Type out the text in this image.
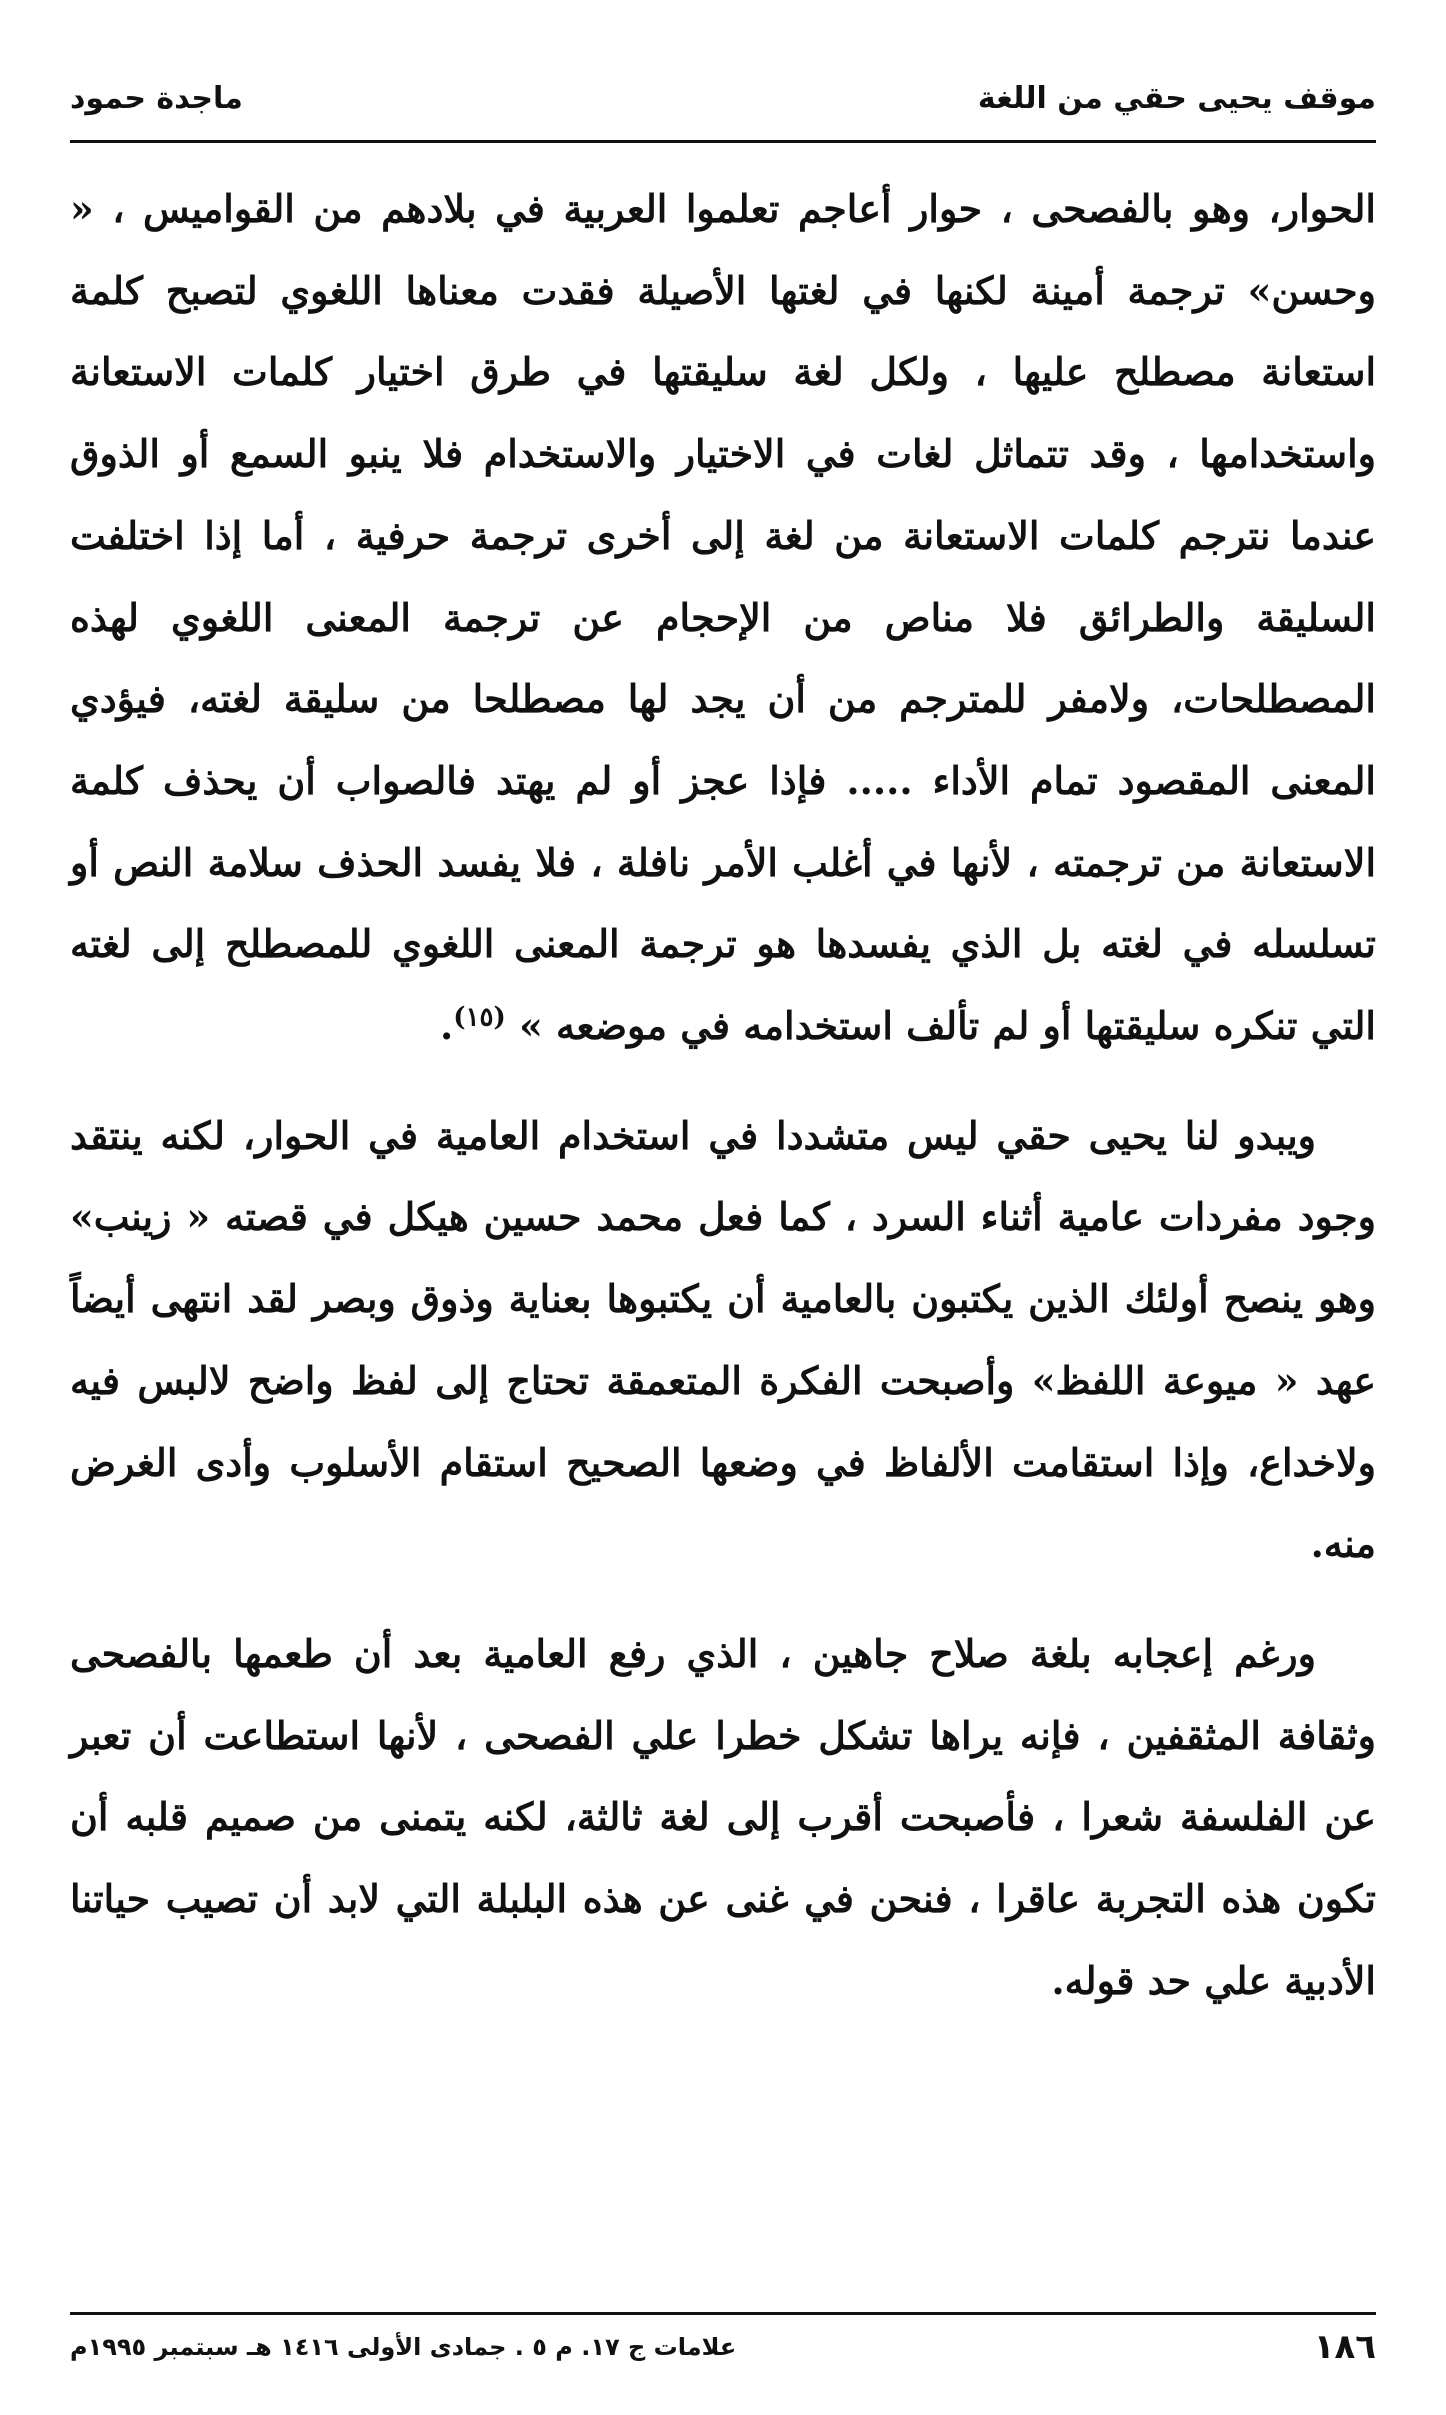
موقف يحيى حقي من اللغة
ماجدة حمود

الحوار، وهو بالفصحى ، حوار أعاجم تعلموا العربية في بلادهم من القواميس ، « وحسن» ترجمة أمينة لكنها في لغتها الأصيلة فقدت معناها اللغوي لتصبح كلمة استعانة مصطلح عليها ، ولكل لغة سليقتها في طرق اختيار كلمات الاستعانة واستخدامها ، وقد تتماثل لغات في الاختيار والاستخدام فلا ينبو السمع أو الذوق عندما نترجم كلمات الاستعانة من لغة إلى أخرى ترجمة حرفية ، أما إذا اختلفت السليقة والطرائق فلا مناص من الإحجام عن ترجمة المعنى اللغوي لهذه المصطلحات، ولامفر للمترجم من أن يجد لها مصطلحا من سليقة لغته، فيؤدي المعنى المقصود تمام الأداء ..... فإذا عجز أو لم يهتد فالصواب أن يحذف كلمة الاستعانة من ترجمته ، لأنها في أغلب الأمر نافلة ، فلا يفسد الحذف سلامة النص أو تسلسله في لغته بل الذي يفسدها هو ترجمة المعنى اللغوي للمصطلح إلى لغته التي تنكره سليقتها أو لم تألف استخدامه في موضعه » $^{(١٥)}$.

ويبدو لنا يحيى حقي ليس متشددا في استخدام العامية في الحوار، لكنه ينتقد وجود مفردات عامية أثناء السرد ، كما فعل محمد حسين هيكل في قصته « زينب» وهو ينصح أولئك الذين يكتبون بالعامية أن يكتبوها بعناية وذوق وبصر لقد انتهى أيضاً عهد « ميوعة اللفظ» وأصبحت الفكرة المتعمقة تحتاج إلى لفظ واضح لالبس فيه ولاخداع، وإذا استقامت الألفاظ في وضعها الصحيح استقام الأسلوب وأدى الغرض منه.

ورغم إعجابه بلغة صلاح جاهين ، الذي رفع العامية بعد أن طعمها بالفصحى وثقافة المثقفين ، فإنه يراها تشكل خطرا علي الفصحى ، لأنها استطاعت أن تعبر عن الفلسفة شعرا ، فأصبحت أقرب إلى لغة ثالثة، لكنه يتمنى من صميم قلبه أن تكون هذه التجربة عاقرا ، فنحن في غنى عن هذه البلبلة التي لابد أن تصيب حياتنا الأدبية علي حد قوله.

١٨٦
علامات ج ١٧. م ٥ . جمادى الأولى ١٤١٦ هـ سبتمبر ١٩٩٥م
